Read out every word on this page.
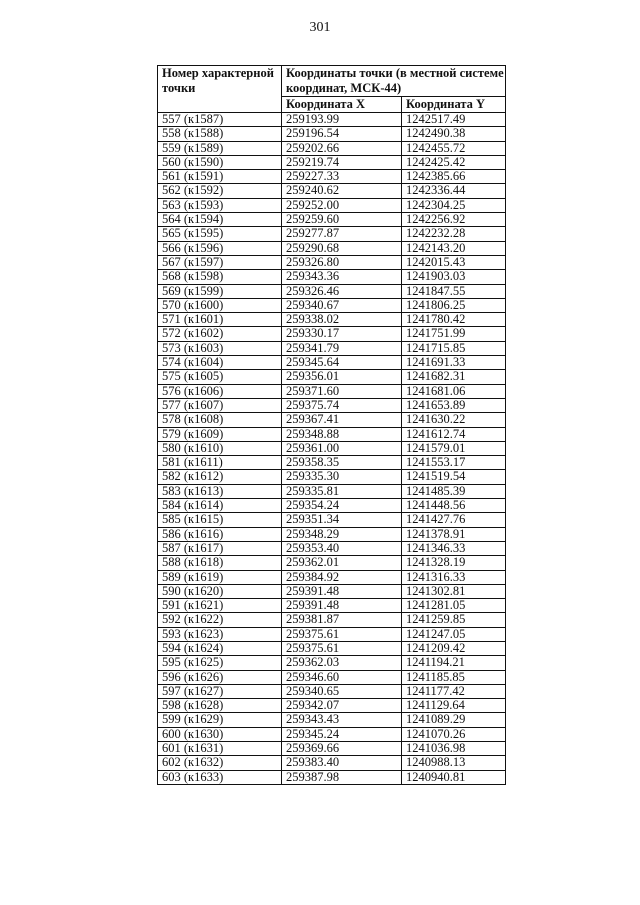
301
Номер характерной точки	Координаты точки (в местной системе координат, МСК-44)	
	Координата X	Координата Y
557 (к1587)	259193.99	1242517.49
558 (к1588)	259196.54	1242490.38
559 (к1589)	259202.66	1242455.72
560 (к1590)	259219.74	1242425.42
561 (к1591)	259227.33	1242385.66
562 (к1592)	259240.62	1242336.44
563 (к1593)	259252.00	1242304.25
564 (к1594)	259259.60	1242256.92
565 (к1595)	259277.87	1242232.28
566 (к1596)	259290.68	1242143.20
567 (к1597)	259326.80	1242015.43
568 (к1598)	259343.36	1241903.03
569 (к1599)	259326.46	1241847.55
570 (к1600)	259340.67	1241806.25
571 (к1601)	259338.02	1241780.42
572 (к1602)	259330.17	1241751.99
573 (к1603)	259341.79	1241715.85
574 (к1604)	259345.64	1241691.33
575 (к1605)	259356.01	1241682.31
576 (к1606)	259371.60	1241681.06
577 (к1607)	259375.74	1241653.89
578 (к1608)	259367.41	1241630.22
579 (к1609)	259348.88	1241612.74
580 (к1610)	259361.00	1241579.01
581 (к1611)	259358.35	1241553.17
582 (к1612)	259335.30	1241519.54
583 (к1613)	259335.81	1241485.39
584 (к1614)	259354.24	1241448.56
585 (к1615)	259351.34	1241427.76
586 (к1616)	259348.29	1241378.91
587 (к1617)	259353.40	1241346.33
588 (к1618)	259362.01	1241328.19
589 (к1619)	259384.92	1241316.33
590 (к1620)	259391.48	1241302.81
591 (к1621)	259391.48	1241281.05
592 (к1622)	259381.87	1241259.85
593 (к1623)	259375.61	1241247.05
594 (к1624)	259375.61	1241209.42
595 (к1625)	259362.03	1241194.21
596 (к1626)	259346.60	1241185.85
597 (к1627)	259340.65	1241177.42
598 (к1628)	259342.07	1241129.64
599 (к1629)	259343.43	1241089.29
600 (к1630)	259345.24	1241070.26
601 (к1631)	259369.66	1241036.98
602 (к1632)	259383.40	1240988.13
603 (к1633)	259387.98	1240940.81
